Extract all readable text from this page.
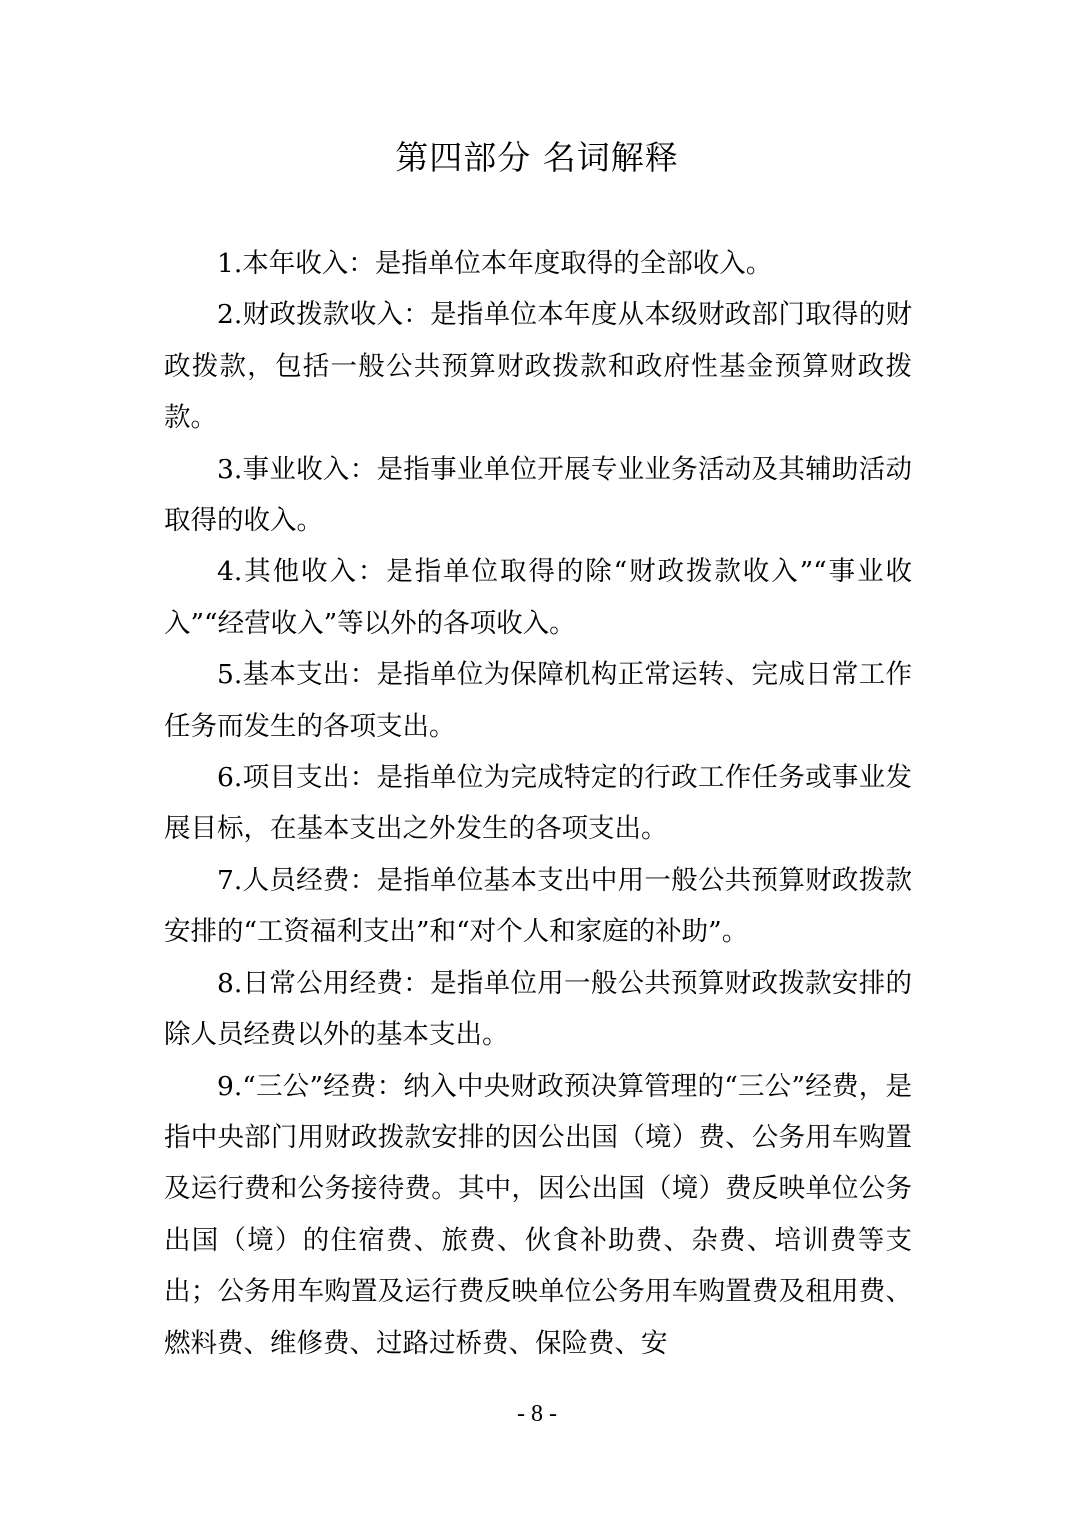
第四部分 名词解释

1.本年收入：是指单位本年度取得的全部收入。

2.财政拨款收入：是指单位本年度从本级财政部门取得的财政拨款，包括一般公共预算财政拨款和政府性基金预算财政拨款。

3.事业收入：是指事业单位开展专业业务活动及其辅助活动取得的收入。

4.其他收入：是指单位取得的除“财政拨款收入”“事业收入”“经营收入”等以外的各项收入。

5.基本支出：是指单位为保障机构正常运转、完成日常工作任务而发生的各项支出。

6.项目支出：是指单位为完成特定的行政工作任务或事业发展目标，在基本支出之外发生的各项支出。

7.人员经费：是指单位基本支出中用一般公共预算财政拨款安排的“工资福利支出”和“对个人和家庭的补助”。

8.日常公用经费：是指单位用一般公共预算财政拨款安排的除人员经费以外的基本支出。

9.“三公”经费：纳入中央财政预决算管理的“三公”经费，是指中央部门用财政拨款安排的因公出国（境）费、公务用车购置及运行费和公务接待费。其中，因公出国（境）费反映单位公务出国（境）的住宿费、旅费、伙食补助费、杂费、培训费等支出；公务用车购置及运行费反映单位公务用车购置费及租用费、燃料费、维修费、过路过桥费、保险费、安

- 8 -
